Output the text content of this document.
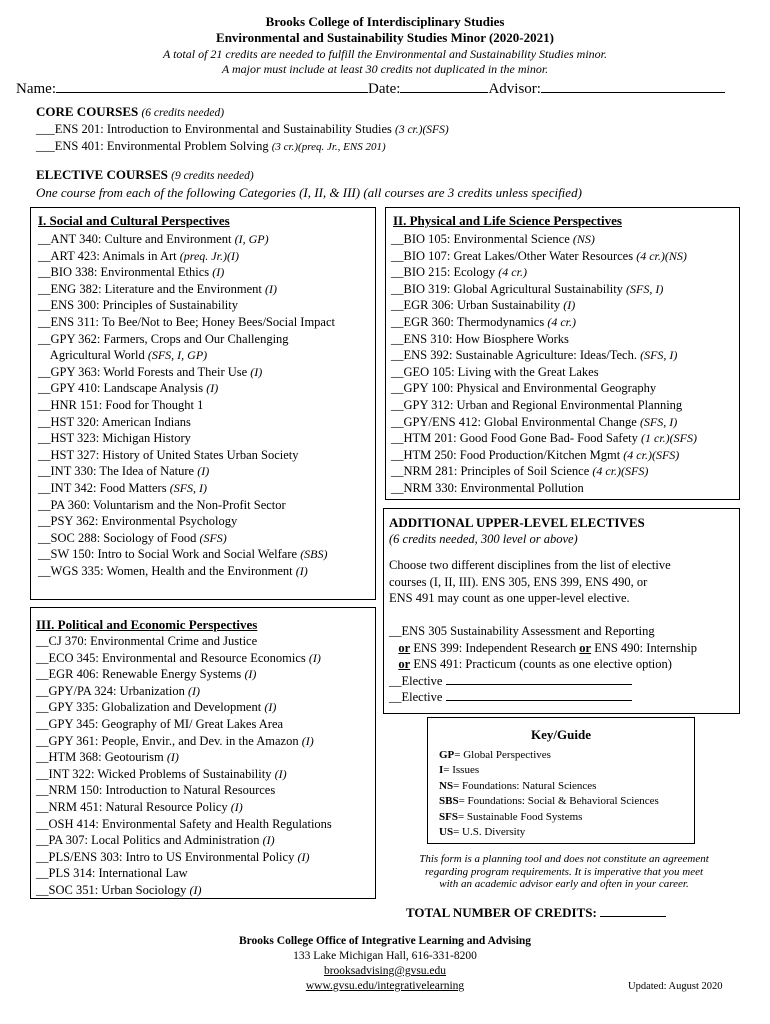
Brooks College of Interdisciplinary Studies
Environmental and Sustainability Studies Minor (2020-2021)
A total of 21 credits are needed to fulfill the Environmental and Sustainability Studies minor.
A major must include at least 30 credits not duplicated in the minor.
Name:	Date:	Advisor:
CORE COURSES (6 credits needed)
___ENS 201: Introduction to Environmental and Sustainability Studies (3 cr.)(SFS)
___ENS 401: Environmental Problem Solving (3 cr.)(preq. Jr., ENS 201)
ELECTIVE COURSES (9 credits needed)
One course from each of the following Categories (I, II, & III) (all courses are 3 credits unless specified)
I. Social and Cultural Perspectives
__ANT 340: Culture and Environment (I, GP)
__ART 423: Animals in Art (preq. Jr.)(I)
__BIO 338: Environmental Ethics (I)
__ENG 382: Literature and the Environment (I)
__ENS 300: Principles of Sustainability
__ENS 311: To Bee/Not to Bee; Honey Bees/Social Impact
__GPY 362: Farmers, Crops and Our Challenging
Agricultural World (SFS, I, GP)
__GPY 363: World Forests and Their Use (I)
__GPY 410: Landscape Analysis (I)
__HNR 151: Food for Thought 1
__HST 320: American Indians
__HST 323: Michigan History
__HST 327: History of United States Urban Society
__INT 330: The Idea of Nature (I)
__INT 342: Food Matters (SFS, I)
__PA 360: Voluntarism and the Non-Profit Sector
__PSY 362: Environmental Psychology
__SOC 288: Sociology of Food (SFS)
__SW 150: Intro to Social Work and Social Welfare (SBS)
__WGS 335: Women, Health and the Environment (I)
II. Physical and Life Science Perspectives
__BIO 105: Environmental Science (NS)
__BIO 107: Great Lakes/Other Water Resources (4 cr.)(NS)
__BIO 215: Ecology (4 cr.)
__BIO 319: Global Agricultural Sustainability (SFS, I)
__EGR 306: Urban Sustainability (I)
__EGR 360: Thermodynamics (4 cr.)
__ENS 310: How Biosphere Works
__ENS 392: Sustainable Agriculture: Ideas/Tech. (SFS, I)
__GEO 105: Living with the Great Lakes
__GPY 100: Physical and Environmental Geography
__GPY 312: Urban and Regional Environmental Planning
__GPY/ENS 412: Global Environmental Change (SFS, I)
__HTM 201: Good Food Gone Bad- Food Safety (1 cr.)(SFS)
__HTM 250: Food Production/Kitchen Mgmt (4 cr.)(SFS)
__NRM 281: Principles of Soil Science (4 cr.)(SFS)
__NRM 330: Environmental Pollution
ADDITIONAL UPPER-LEVEL ELECTIVES
(6 credits needed, 300 level or above)
Choose two different disciplines from the list of elective
courses (I, II, III). ENS 305, ENS 399, ENS 490, or
ENS 491 may count as one upper-level elective.
__ENS 305 Sustainability Assessment and Reporting
or ENS 399: Independent Research or ENS 490: Internship
or ENS 491: Practicum (counts as one elective option)
__Elective
__Elective
III. Political and Economic Perspectives
__CJ 370: Environmental Crime and Justice
__ECO 345: Environmental and Resource Economics (I)
__EGR 406: Renewable Energy Systems (I)
__GPY/PA 324: Urbanization (I)
__GPY 335: Globalization and Development (I)
__GPY 345: Geography of MI/ Great Lakes Area
__GPY 361: People, Envir., and Dev. in the Amazon (I)
__HTM 368: Geotourism (I)
__INT 322: Wicked Problems of Sustainability (I)
__NRM 150: Introduction to Natural Resources
__NRM 451: Natural Resource Policy (I)
__OSH 414: Environmental Safety and Health Regulations
__PA 307: Local Politics and Administration (I)
__PLS/ENS 303: Intro to US Environmental Policy (I)
__PLS 314: International Law
__SOC 351: Urban Sociology (I)
Key/Guide
GP= Global Perspectives
I= Issues
NS= Foundations: Natural Sciences
SBS= Foundations: Social & Behavioral Sciences
SFS= Sustainable Food Systems
US= U.S. Diversity
This form is a planning tool and does not constitute an agreement
regarding program requirements. It is imperative that you meet
with an academic advisor early and often in your career.
TOTAL NUMBER OF CREDITS:
Brooks College Office of Integrative Learning and Advising
133 Lake Michigan Hall, 616-331-8200
brooksadvising@gvsu.edu
www.gvsu.edu/integrativelearning	Updated: August 2020
